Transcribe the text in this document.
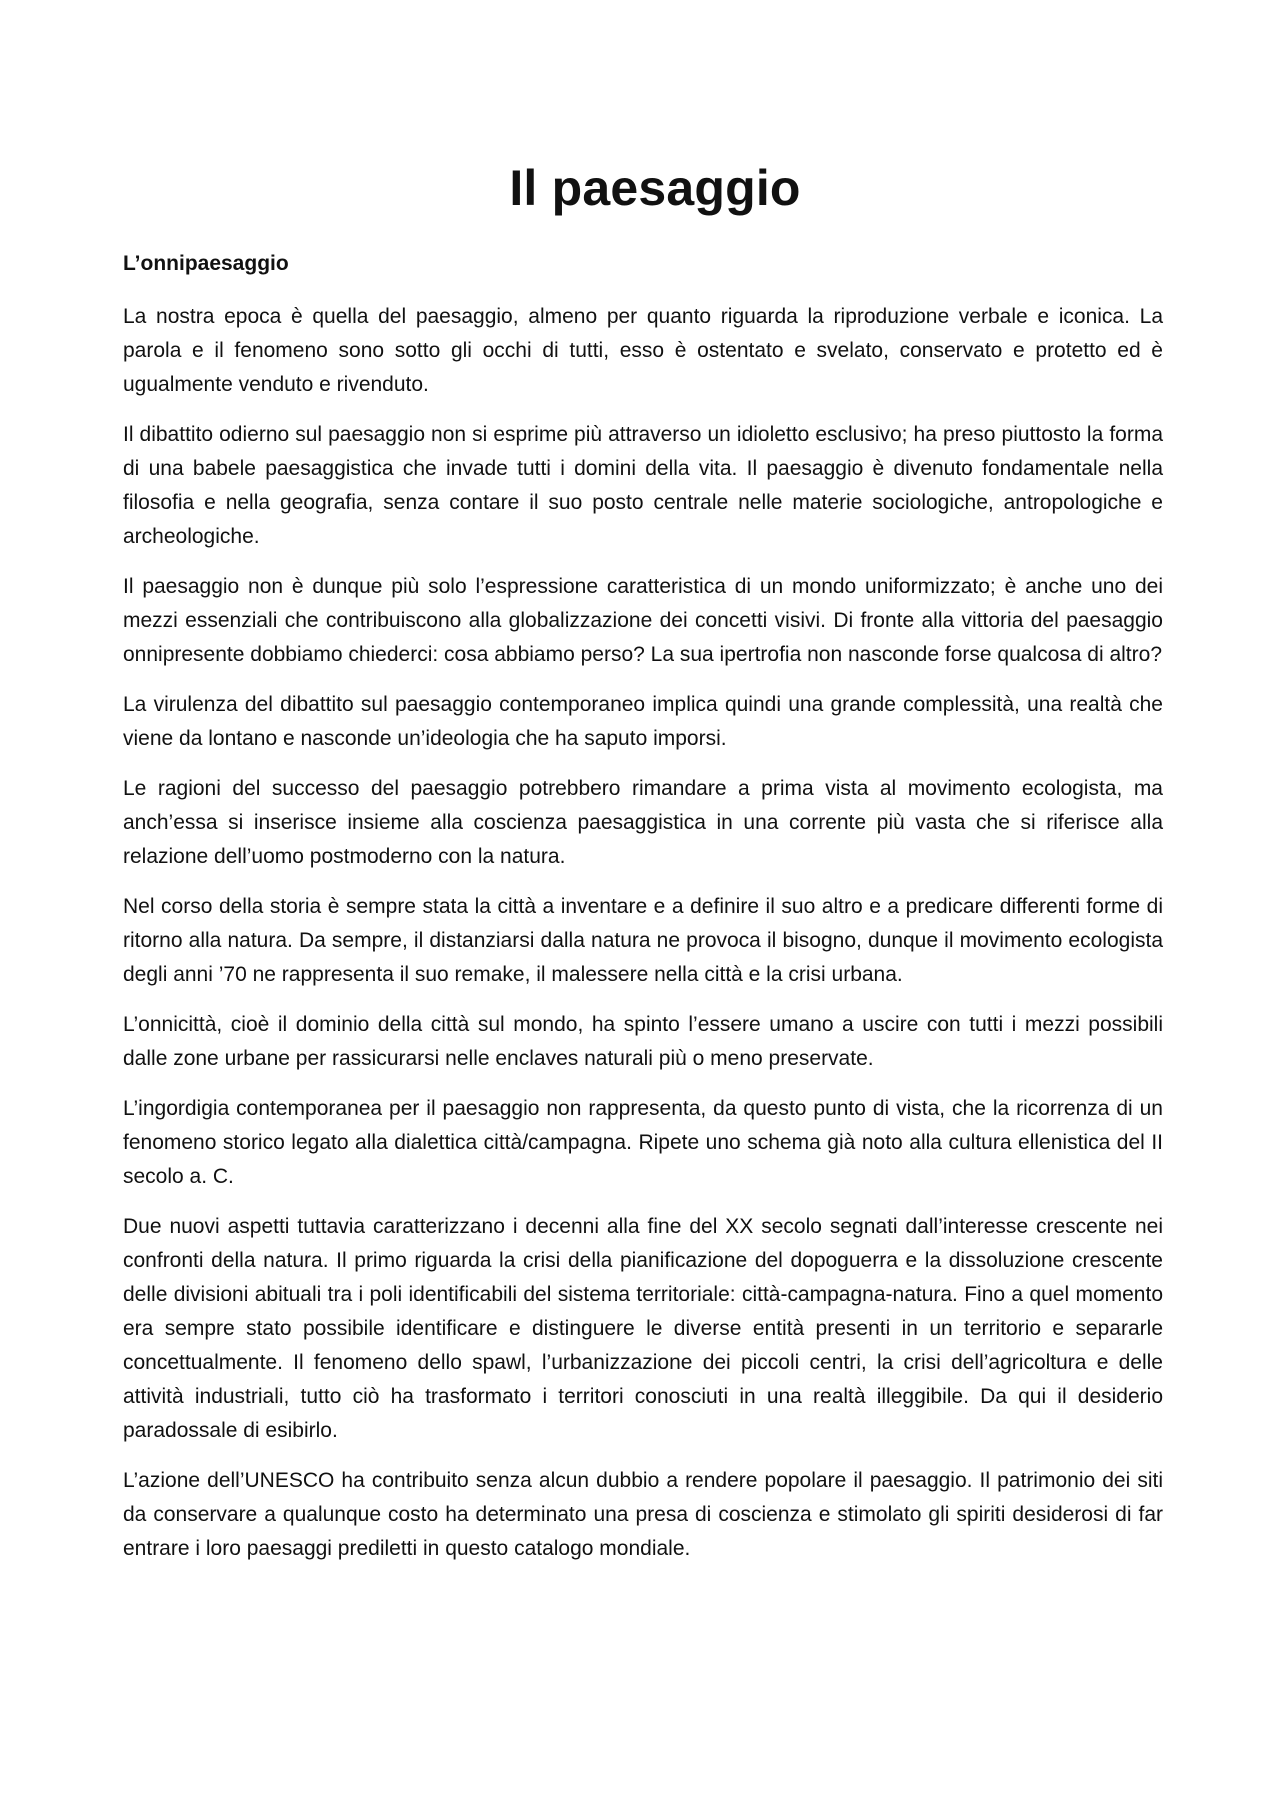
Il paesaggio
L’onnipaesaggio

La nostra epoca è quella del paesaggio, almeno per quanto riguarda la riproduzione verbale e iconica. La parola e il fenomeno sono sotto gli occhi di tutti, esso è ostentato e svelato, conservato e protetto ed è ugualmente venduto e rivenduto.

Il dibattito odierno sul paesaggio non si esprime più attraverso un idioletto esclusivo; ha preso piuttosto la forma di una babele paesaggistica che invade tutti i domini della vita. Il paesaggio è divenuto fondamentale nella filosofia e nella geografia, senza contare il suo posto centrale nelle materie sociologiche, antropologiche e archeologiche.

Il paesaggio non è dunque più solo l’espressione caratteristica di un mondo uniformizzato; è anche uno dei mezzi essenziali che contribuiscono alla globalizzazione dei concetti visivi. Di fronte alla vittoria del paesaggio onnipresente dobbiamo chiederci: cosa abbiamo perso? La sua ipertrofia non nasconde forse qualcosa di altro?

La virulenza del dibattito sul paesaggio contemporaneo implica quindi una grande complessità, una realtà che viene da lontano e nasconde un’ideologia che ha saputo imporsi.

Le ragioni del successo del paesaggio potrebbero rimandare a prima vista al movimento ecologista, ma anch’essa si inserisce insieme alla coscienza paesaggistica in una corrente più vasta che si riferisce alla relazione dell’uomo postmoderno con la natura.

Nel corso della storia è sempre stata la città a inventare e a definire il suo altro e a predicare differenti forme di ritorno alla natura. Da sempre, il distanziarsi dalla natura ne provoca il bisogno, dunque il movimento ecologista degli anni ’70 ne rappresenta il suo remake, il malessere nella città e la crisi urbana.

L’onnicittà, cioè il dominio della città sul mondo, ha spinto l’essere umano a uscire con tutti i mezzi possibili dalle zone urbane per rassicurarsi nelle enclaves naturali più o meno preservate.

L’ingordigia contemporanea per il paesaggio non rappresenta, da questo punto di vista, che la ricorrenza di un fenomeno storico legato alla dialettica città/campagna. Ripete uno schema già noto alla cultura ellenistica del II secolo a. C.

Due nuovi aspetti tuttavia caratterizzano i decenni alla fine del XX secolo segnati dall’interesse crescente nei confronti della natura. Il primo riguarda la crisi della pianificazione del dopoguerra e la dissoluzione crescente delle divisioni abituali tra i poli identificabili del sistema territoriale: città-campagna-natura. Fino a quel momento era sempre stato possibile identificare e distinguere le diverse entità presenti in un territorio e separarle concettualmente. Il fenomeno dello spawl, l’urbanizzazione dei piccoli centri, la crisi dell’agricoltura e delle attività industriali, tutto ciò ha trasformato i territori conosciuti in una realtà illeggibile. Da qui il desiderio paradossale di esibirlo.

L’azione dell’UNESCO ha contribuito senza alcun dubbio a rendere popolare il paesaggio. Il patrimonio dei siti da conservare a qualunque costo ha determinato una presa di coscienza e stimolato gli spiriti desiderosi di far entrare i loro paesaggi prediletti in questo catalogo mondiale.
